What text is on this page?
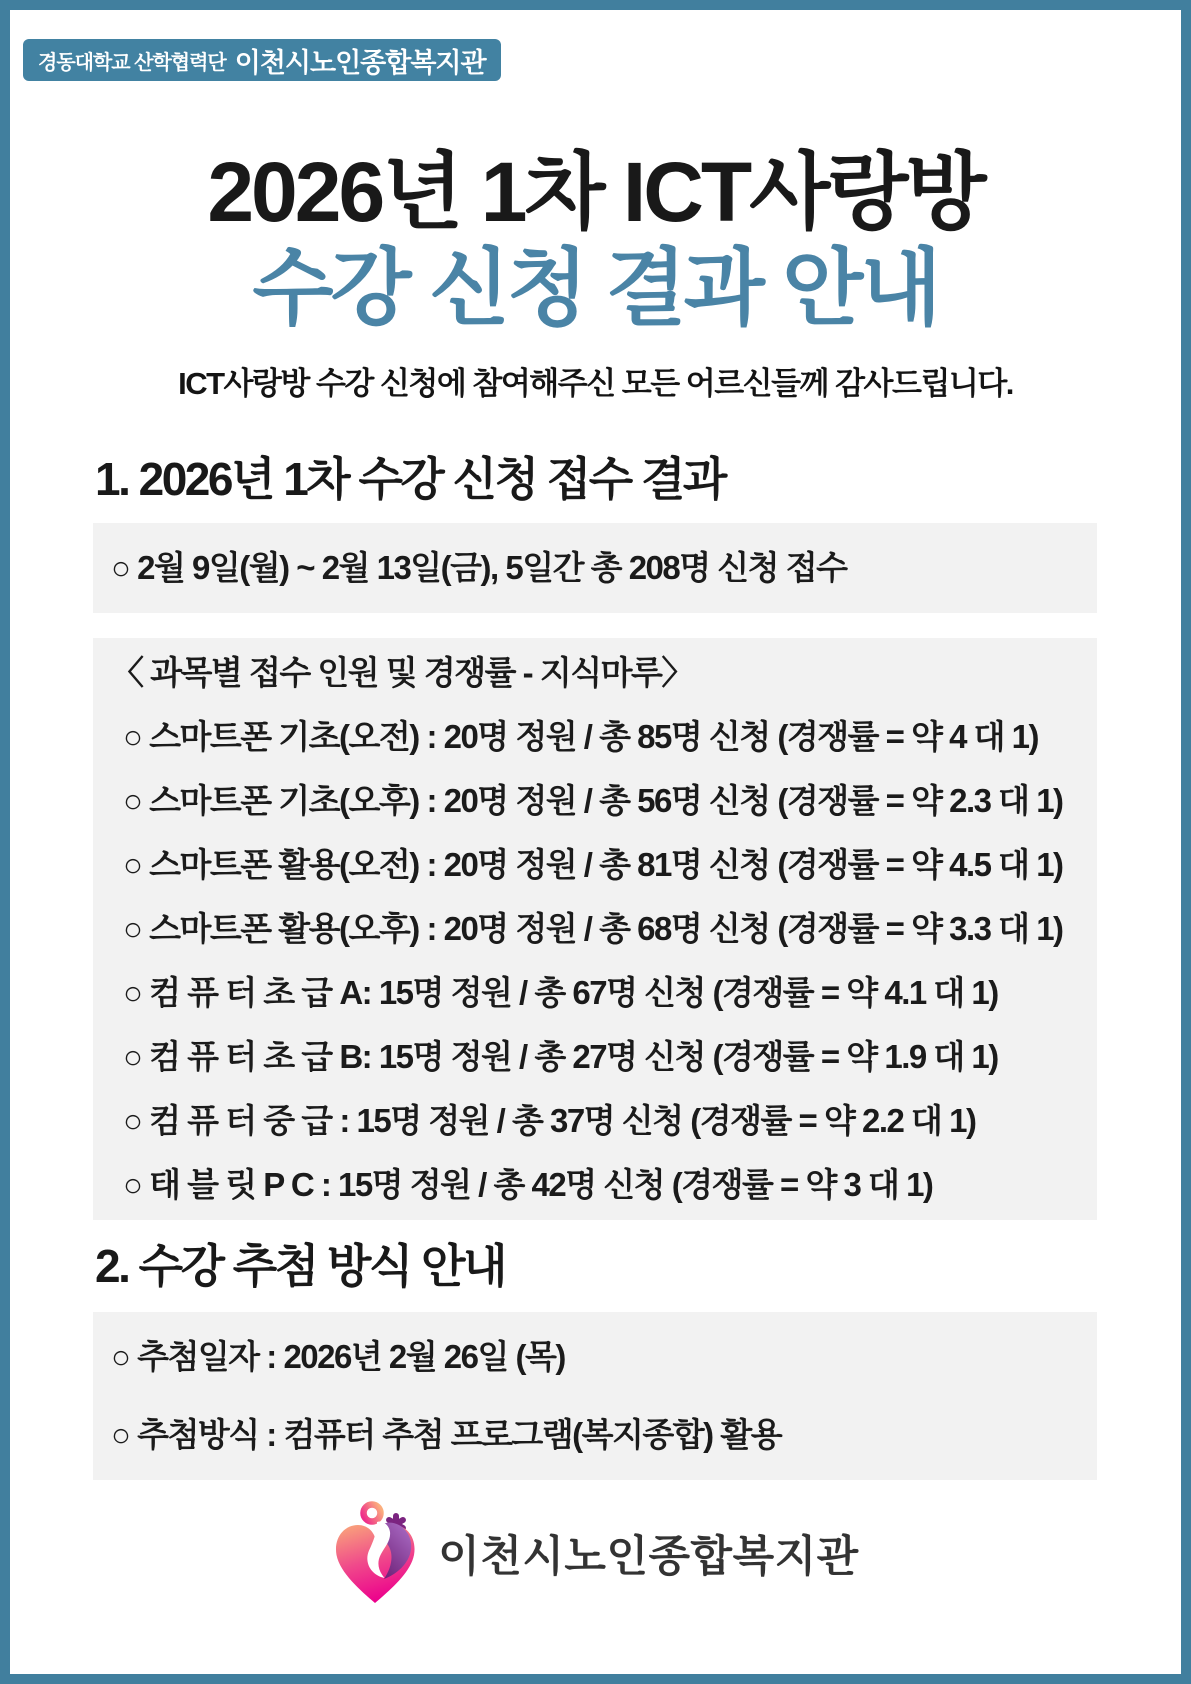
경동대학교 산학협력단 이천시노인종합복지관
2026년 1차 ICT사랑방
수강 신청 결과 안내
ICT사랑방 수강 신청에 참여해주신 모든 어르신들께 감사드립니다.
1. 2026년 1차 수강 신청 접수 결과
○ 2월 9일(월) ~ 2월 13일(금), 5일간 총 208명 신청 접수
〈 과목별 접수 인원 및 경쟁률 - 지식마루〉
○ 스마트폰 기초(오전) : 20명 정원 / 총 85명 신청 (경쟁률 = 약 4 대 1)
○ 스마트폰 기초(오후) : 20명 정원 / 총 56명 신청 (경쟁률 = 약 2.3 대 1)
○ 스마트폰 활용(오전) : 20명 정원 / 총 81명 신청 (경쟁률 = 약 4.5 대 1)
○ 스마트폰 활용(오후) : 20명 정원 / 총 68명 신청 (경쟁률 = 약 3.3 대 1)
○ 컴 퓨 터 초 급 A: 15명 정원 / 총 67명 신청 (경쟁률 = 약 4.1 대 1)
○ 컴 퓨 터 초 급 B: 15명 정원 / 총 27명 신청 (경쟁률 = 약 1.9 대 1)
○ 컴 퓨 터 중 급 : 15명 정원 / 총 37명 신청 (경쟁률 = 약 2.2 대 1)
○ 태 블 릿 P C : 15명 정원 / 총 42명 신청 (경쟁률 = 약 3 대 1)
2. 수강 추첨 방식 안내
○ 추첨일자 : 2026년 2월 26일 (목)
○ 추첨방식 : 컴퓨터 추첨 프로그램(복지종합) 활용
이천시노인종합복지관
